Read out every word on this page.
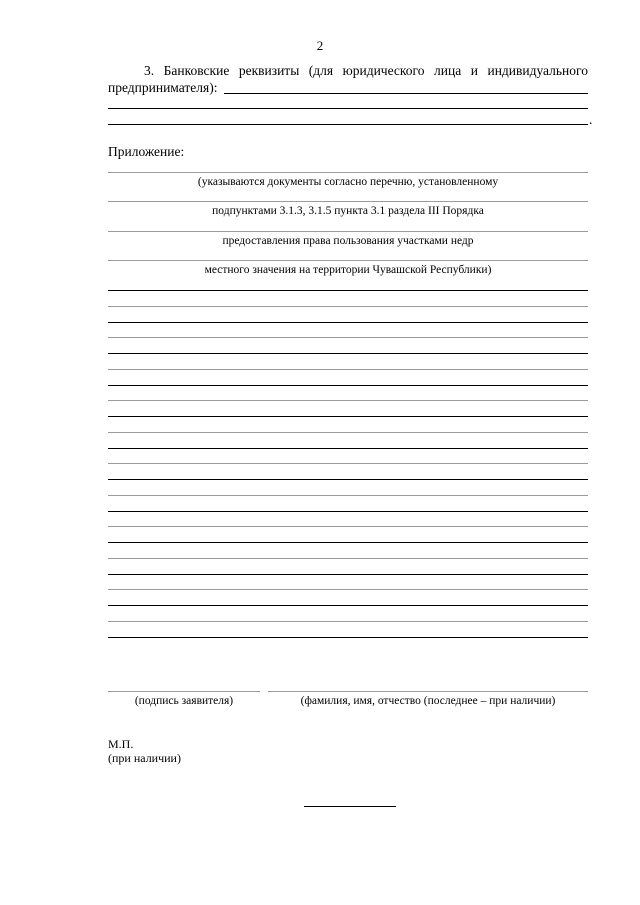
2
3. Банковские реквизиты (для юридического лица и индивидуального предпринимателя):
.
Приложение:
(указываются документы согласно перечню, установленному
подпунктами 3.1.3, 3.1.5 пункта 3.1 раздела III Порядка
предоставления права пользования участками недр
местного значения на территории Чувашской Республики)
(подпись заявителя)	(фамилия, имя, отчество (последнее – при наличии)
М.П.
(при наличии)
